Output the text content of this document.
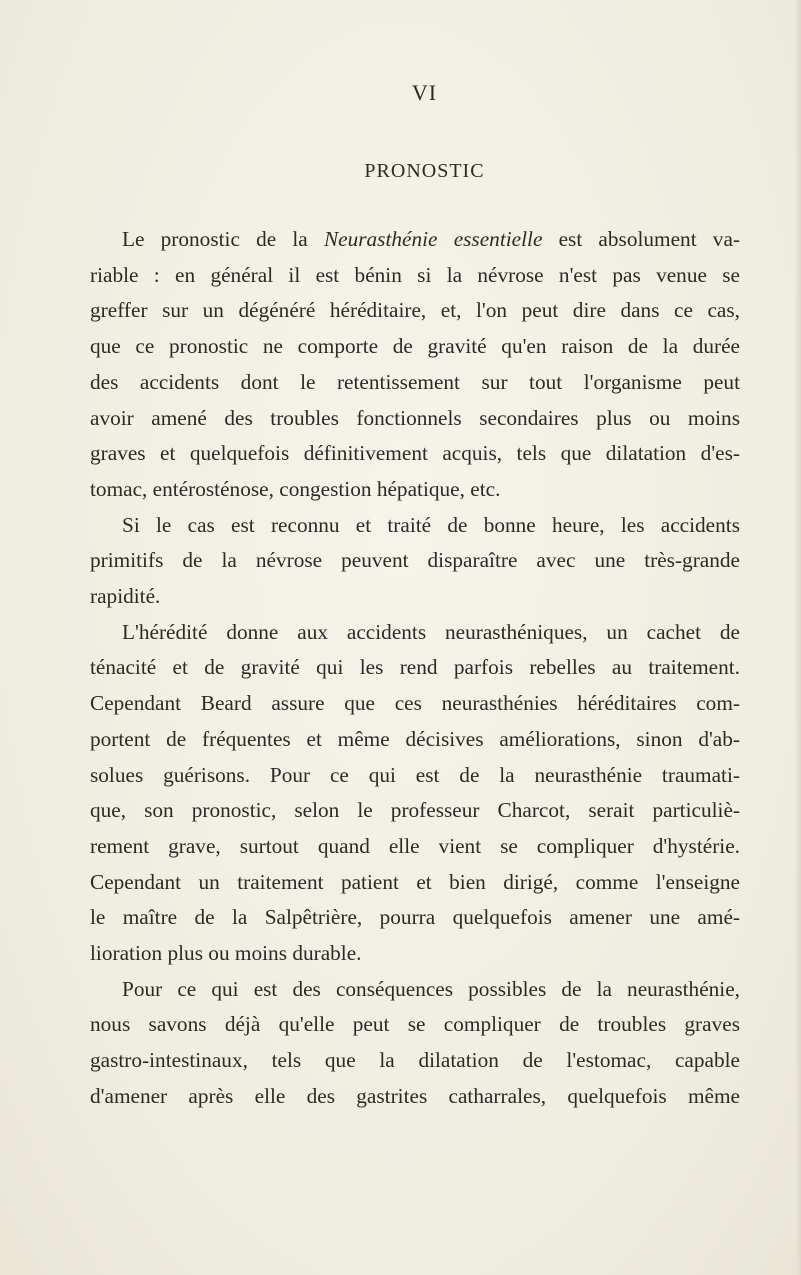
VI
PRONOSTIC
Le pronostic de la Neurasthénie essentielle est absolument va-
riable : en général il est bénin si la névrose n'est pas venue se
greffer sur un dégénéré héréditaire, et, l'on peut dire dans ce cas,
que ce pronostic ne comporte de gravité qu'en raison de la durée
des accidents dont le retentissement sur tout l'organisme peut
avoir amené des troubles fonctionnels secondaires plus ou moins
graves et quelquefois définitivement acquis, tels que dilatation d'es-
tomac, entérosténose, congestion hépatique, etc.
Si le cas est reconnu et traité de bonne heure, les accidents
primitifs de la névrose peuvent disparaître avec une très-grande
rapidité.
L'hérédité donne aux accidents neurasthéniques, un cachet de
ténacité et de gravité qui les rend parfois rebelles au traitement.
Cependant Beard assure que ces neurasthénies héréditaires com-
portent de fréquentes et même décisives améliorations, sinon d'ab-
solues guérisons. Pour ce qui est de la neurasthénie traumati-
que, son pronostic, selon le professeur Charcot, serait particuliè-
rement grave, surtout quand elle vient se compliquer d'hystérie.
Cependant un traitement patient et bien dirigé, comme l'enseigne
le maître de la Salpêtrière, pourra quelquefois amener une amé-
lioration plus ou moins durable.
Pour ce qui est des conséquences possibles de la neurasthénie,
nous savons déjà qu'elle peut se compliquer de troubles graves
gastro-intestinaux, tels que la dilatation de l'estomac, capable
d'amener après elle des gastrites catharrales, quelquefois même
